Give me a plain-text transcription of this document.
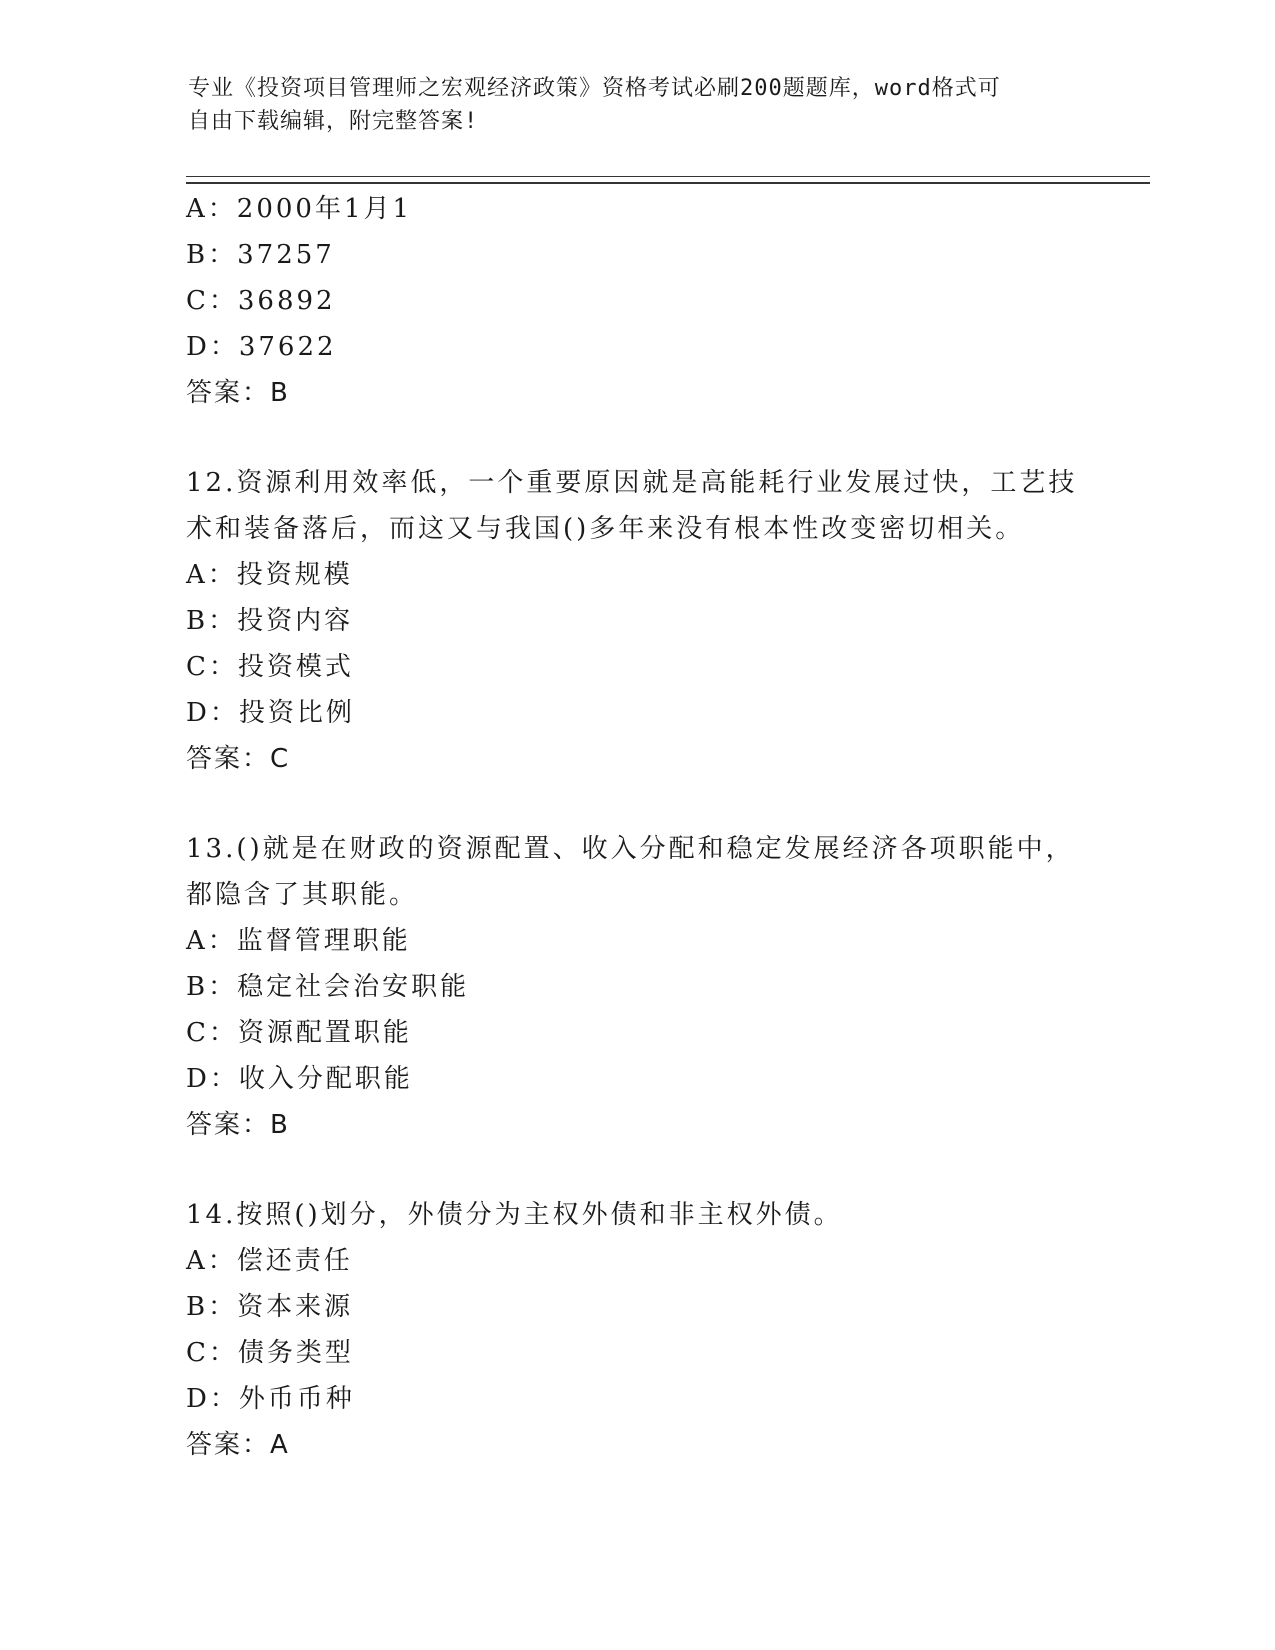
专业《投资项目管理师之宏观经济政策》资格考试必刷200题题库，word格式可
自由下载编辑，附完整答案!
A：2000年1月1
B：37257
C：36892
D：37622
答案：B
12.资源利用效率低，一个重要原因就是高能耗行业发展过快，工艺技
术和装备落后，而这又与我国()多年来没有根本性改变密切相关。
A：投资规模
B：投资内容
C：投资模式
D：投资比例
答案：C
13.()就是在财政的资源配置、收入分配和稳定发展经济各项职能中，
都隐含了其职能。
A：监督管理职能
B：稳定社会治安职能
C：资源配置职能
D：收入分配职能
答案：B
14.按照()划分，外债分为主权外债和非主权外债。
A：偿还责任
B：资本来源
C：债务类型
D：外币币种
答案：A
